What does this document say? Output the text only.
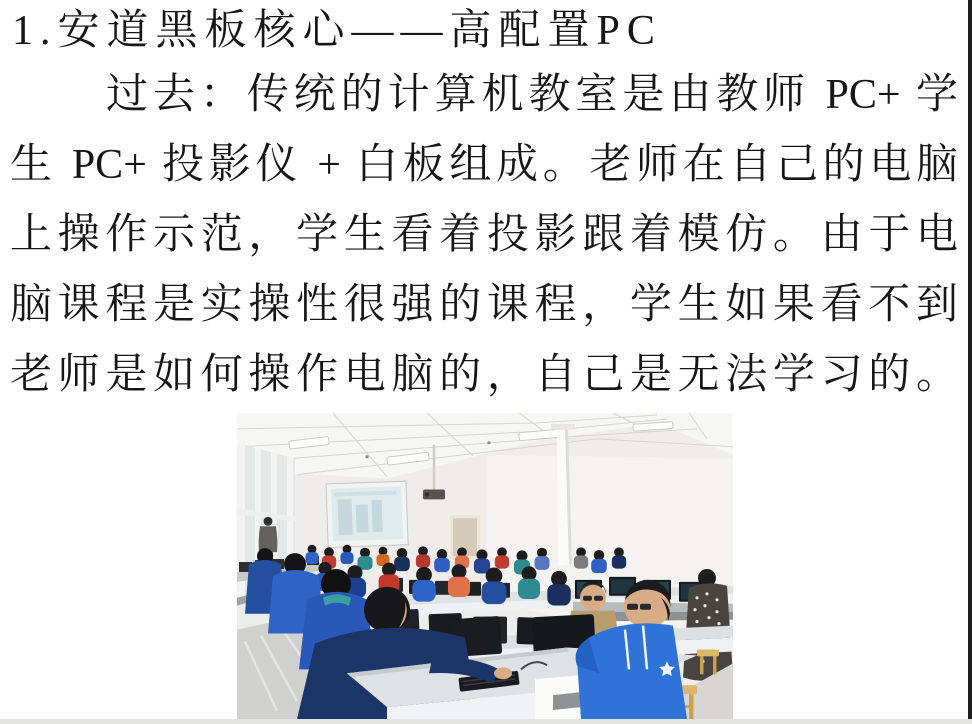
1.安道黑板核心——高配置PC
过去：传统的计算机教室是由教师 PC+ 学
生 PC+ 投影仪 + 白板组成。老师在自己的电脑
上操作示范，学生看着投影跟着模仿。由于电
脑课程是实操性很强的课程，学生如果看不到
老师是如何操作电脑的，自己是无法学习的。
